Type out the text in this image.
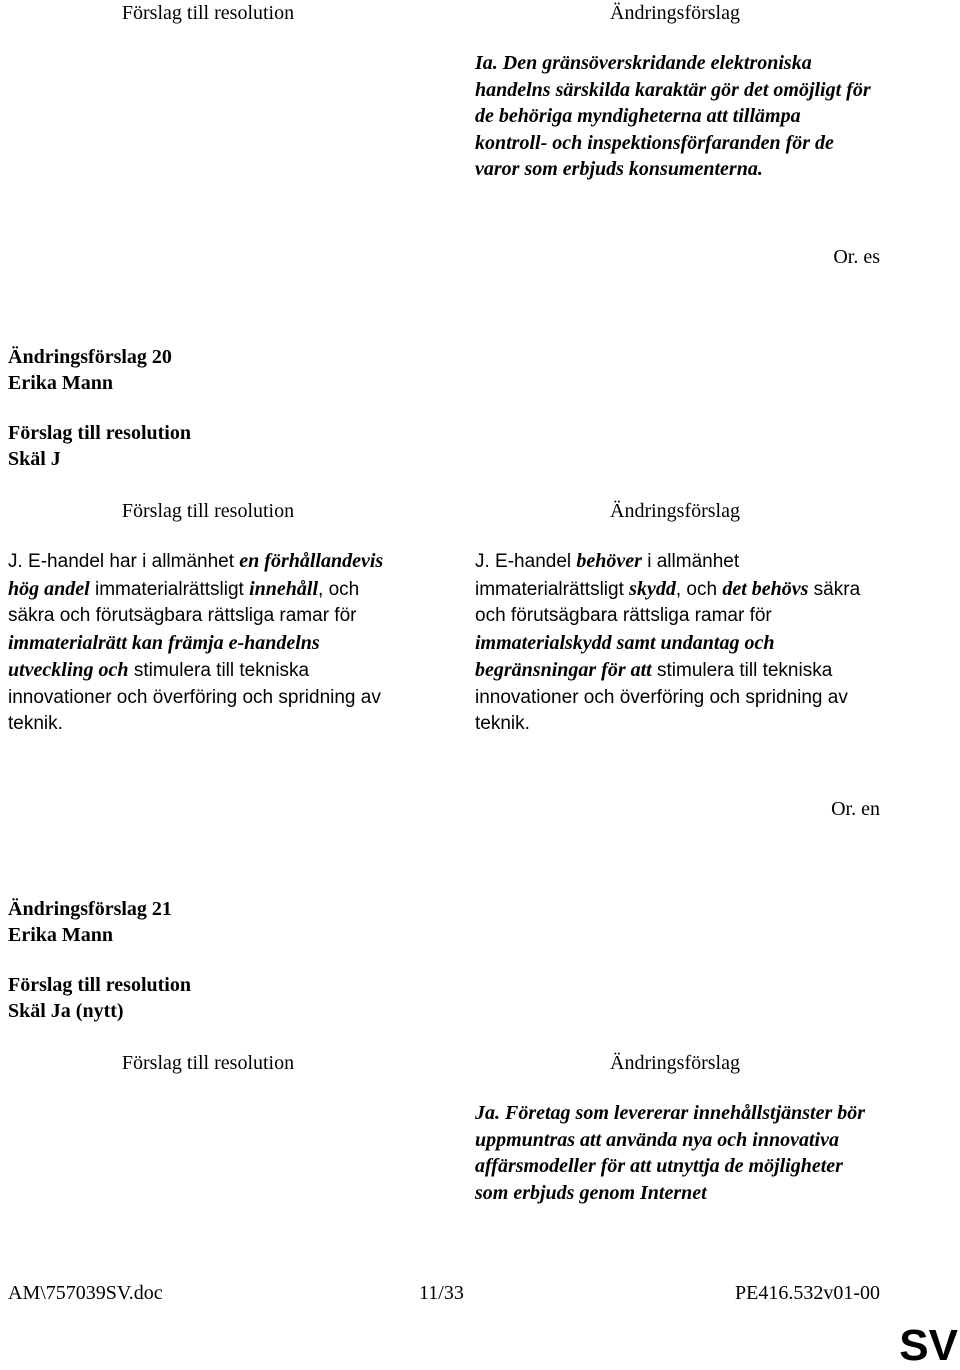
Förslag till resolution	Ändringsförslag

Ia. Den gränsöverskridande elektroniska handelns särskilda karaktär gör det omöjligt för de behöriga myndigheterna att tillämpa kontroll- och inspektionsförfaranden för de varor som erbjuds konsumenterna.

Or. es
Ändringsförslag 20
Erika Mann
Förslag till resolution
Skäl J
Förslag till resolution	Ändringsförslag

J. E-handel har i allmänhet en förhållandevis hög andel immaterialrättsligt innehåll, och säkra och förutsägbara rättsliga ramar för immaterialrätt kan främja e-handelns utveckling och stimulera till tekniska innovationer och överföring och spridning av teknik.

J. E-handel behöver i allmänhet immaterialrättsligt skydd, och det behövs säkra och förutsägbara rättsliga ramar för immaterialskydd samt undantag och begränsningar för att stimulera till tekniska innovationer och överföring och spridning av teknik.

Or. en
Ändringsförslag 21
Erika Mann
Förslag till resolution
Skäl Ja (nytt)
Förslag till resolution	Ändringsförslag

Ja. Företag som levererar innehållstjänster bör uppmuntras att använda nya och innovativa affärsmodeller för att utnyttja de möjligheter som erbjuds genom Internet

AM\757039SV.doc	11/33	PE416.532v01-00
SV
